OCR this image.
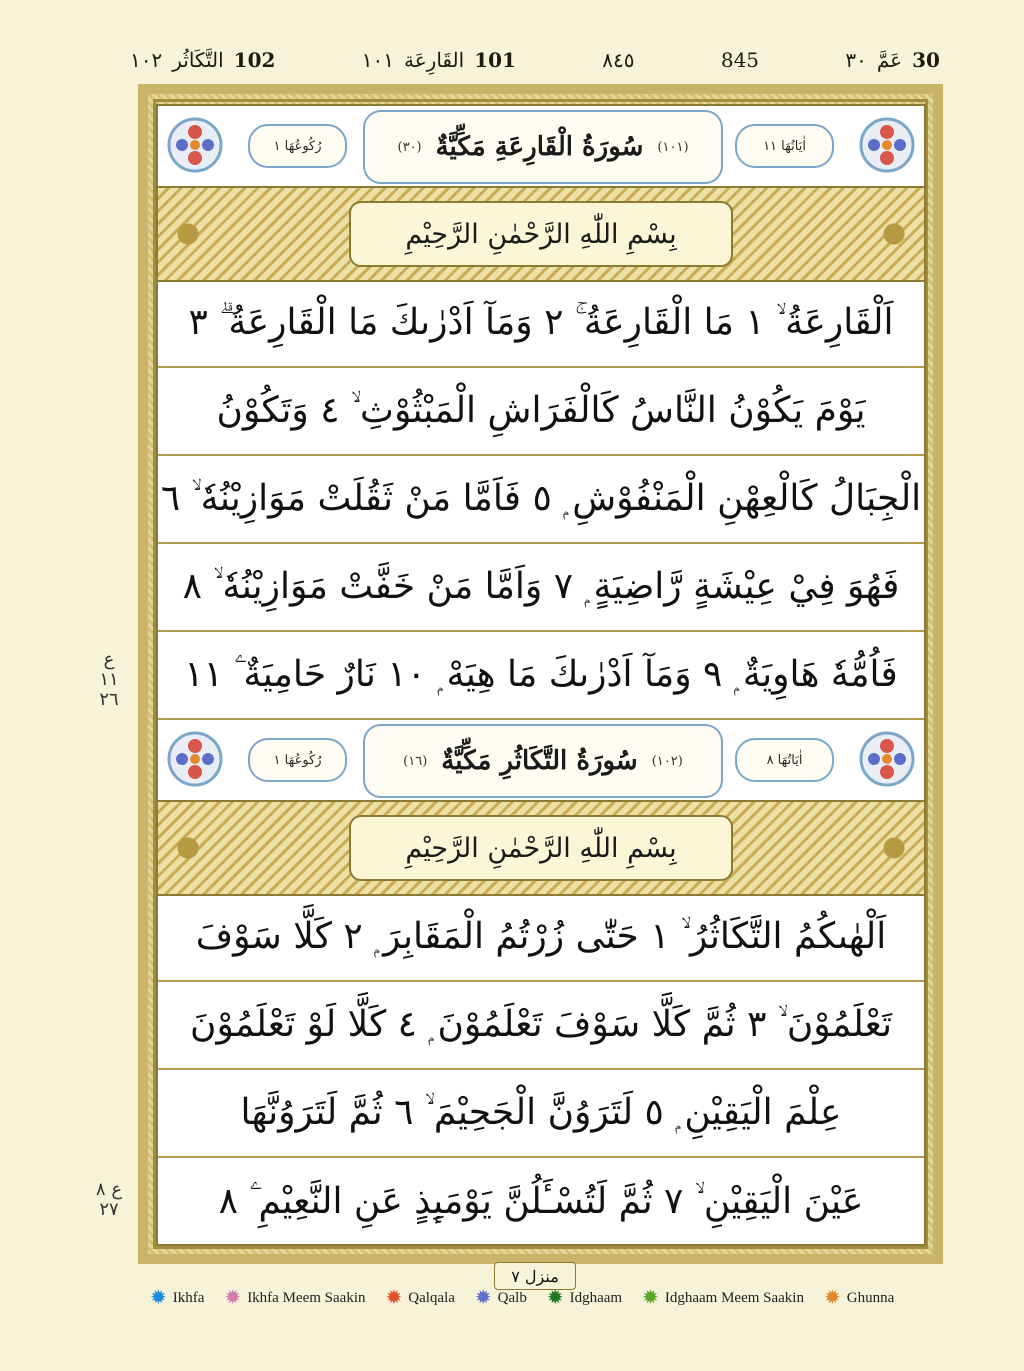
١٠٢ التَّكَاثُر 102	١٠١ القَارِعَة 101	٨٤٥	845	٣٠ عَمَّ 30
رُكُوعُهَا ١	(١٠١)
سُورَةُ الْقَارِعَةِ مَكِّيَّةٌ
(٣٠)	اٰيَاتُهَا ١١
بِسْمِ اللّٰهِ الرَّحْمٰنِ الرَّحِيْمِ
اَلْقَارِعَةُ ۙ ١ مَا الْقَارِعَةُ ۚ ٢ وَمَآ اَدْرٰىكَ مَا الْقَارِعَةُ ۗ ٣
يَوْمَ يَكُوْنُ النَّاسُ كَالْفَرَاشِ الْمَبْثُوْثِ ۙ ٤ وَتَكُوْنُ
الْجِبَالُ كَالْعِهْنِ الْمَنْفُوْشِ ۭ ٥ فَاَمَّا مَنْ ثَقُلَتْ مَوَازِيْنُهٗ ۙ ٦
فَهُوَ فِيْ عِيْشَةٍ رَّاضِيَةٍ ۭ ٧ وَاَمَّا مَنْ خَفَّتْ مَوَازِيْنُهٗ ۙ ٨
فَاُمُّهٗ هَاوِيَةٌ ۭ ٩ وَمَآ اَدْرٰىكَ مَا هِيَهْ ۭ ١٠ نَارٌ حَامِيَةٌ ۧ ١١
رُكُوعُهَا ١	(١٠٢)
سُورَةُ التَّكَاثُرِ مَكِّيَّةٌ
(١٦)	اٰيَاتُهَا ٨
بِسْمِ اللّٰهِ الرَّحْمٰنِ الرَّحِيْمِ
اَلْهٰىكُمُ التَّكَاثُرُ ۙ ١ حَتّٰى زُرْتُمُ الْمَقَابِرَ ۭ ٢ كَلَّا سَوْفَ
تَعْلَمُوْنَ ۙ ٣ ثُمَّ كَلَّا سَوْفَ تَعْلَمُوْنَ ۭ ٤ كَلَّا لَوْ تَعْلَمُوْنَ
عِلْمَ الْيَقِيْنِ ۭ ٥ لَتَرَوُنَّ الْجَحِيْمَ ۙ ٦ ثُمَّ لَتَرَوُنَّهَا
عَيْنَ الْيَقِيْنِ ۙ ٧ ثُمَّ لَتُسْـَٔلُنَّ يَوْمَىِٕذٍ عَنِ النَّعِيْمِ ۧ ٨
ع ١١ ٢٦
ع ٨ ٢٧
منزل ٧
✹ Ikhfa ✹ Ikhfa Meem Saakin ✹ Qalqala ✹ Qalb ✹ Idghaam ✹ Idghaam Meem Saakin ✹ Ghunna
